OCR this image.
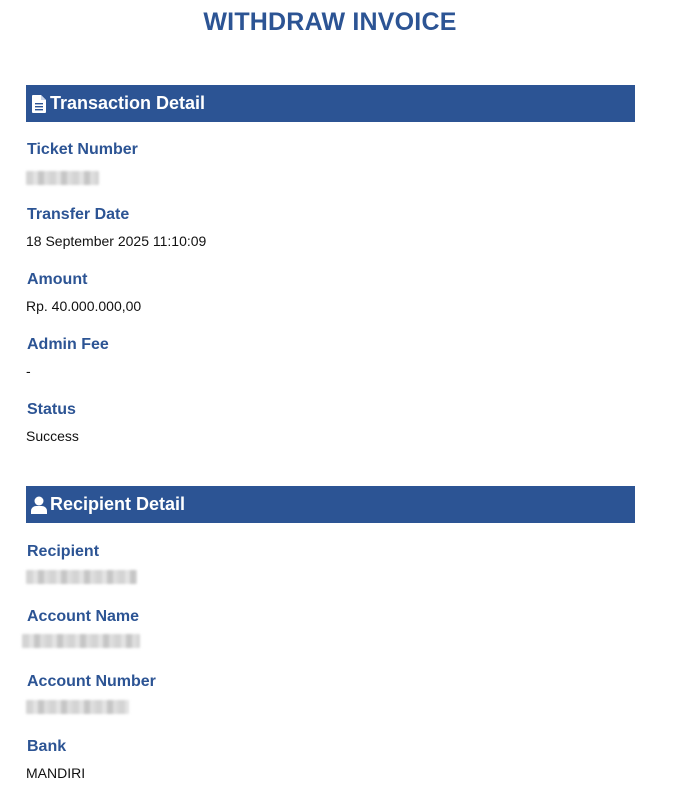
WITHDRAW INVOICE
Transaction Detail
Ticket Number
Transfer Date
18 September 2025 11:10:09
Amount
Rp. 40.000.000,00
Admin Fee
-
Status
Success
Recipient Detail
Recipient
Account Name
Account Number
Bank
MANDIRI
